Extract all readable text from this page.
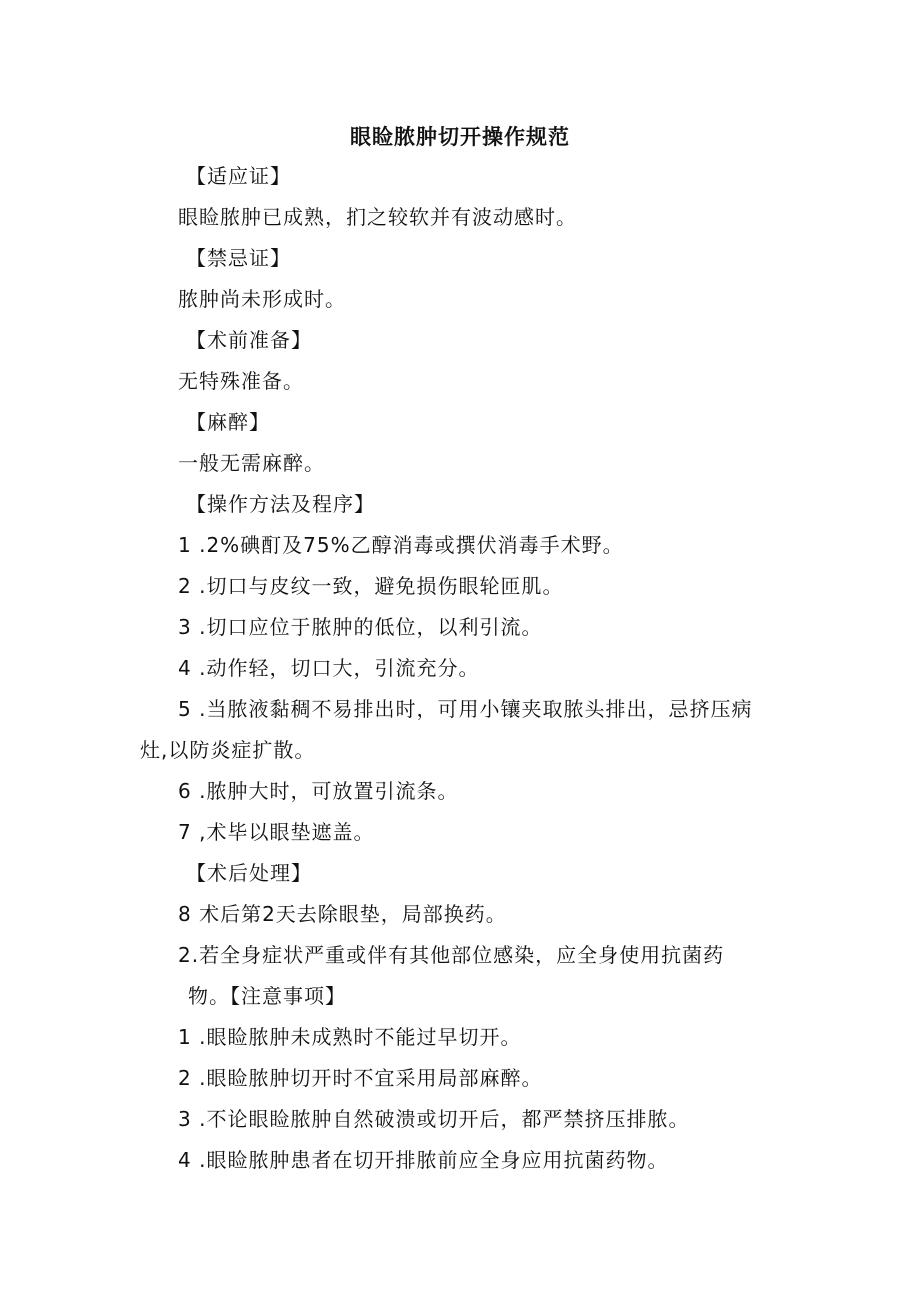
眼睑脓肿切开操作规范
【适应证】
眼睑脓肿已成熟，扪之较软并有波动感时。
【禁忌证】
脓肿尚未形成时。
【术前准备】
无特殊准备。
【麻醉】
一般无需麻醉。
【操作方法及程序】
1 .2%碘酊及75%乙醇消毒或撰伏消毒手术野。
2 .切口与皮纹一致，避免损伤眼轮匝肌。
3 .切口应位于脓肿的低位，以利引流。
4 .动作轻，切口大，引流充分。
5 .当脓液黏稠不易排出时，可用小镶夹取脓头排出，忌挤压病
灶,以防炎症扩散。
6 .脓肿大时，可放置引流条。
7 ,术毕以眼垫遮盖。
【术后处理】
8 术后第2天去除眼垫，局部换药。
2.若全身症状严重或伴有其他部位感染，应全身使用抗菌药
物。【注意事项】
1 .眼睑脓肿未成熟时不能过早切开。
2 .眼睑脓肿切开时不宜采用局部麻醉。
3 .不论眼睑脓肿自然破溃或切开后，都严禁挤压排脓。
4 .眼睑脓肿患者在切开排脓前应全身应用抗菌药物。
